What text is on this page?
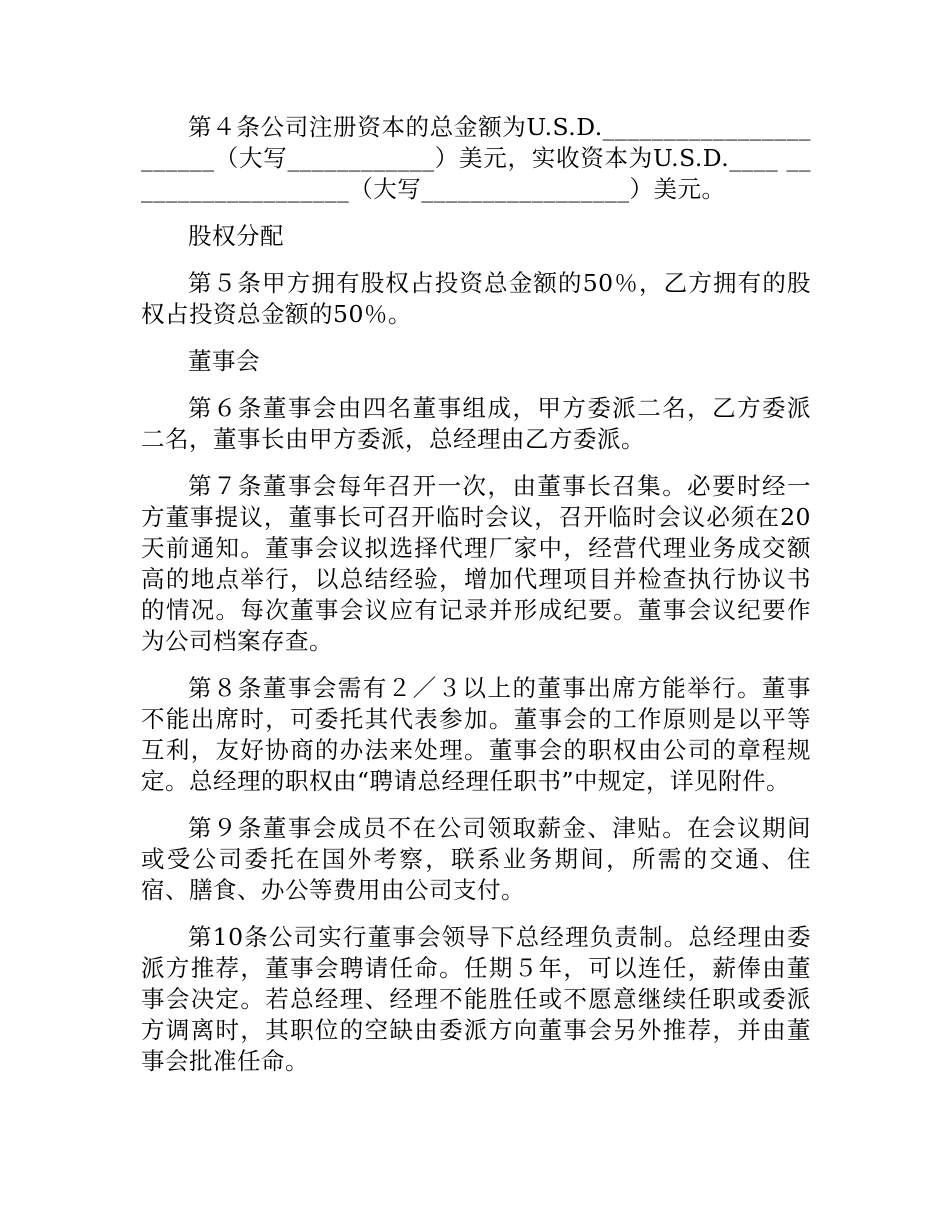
第４条公司注册资本的总金额为U.S.D._________________ ______（大写____________）美元，实收资本为U.S.D.____ ___________________（大写_________________）美元。

股权分配

第５条甲方拥有股权占投资总金额的50％，乙方拥有的股权占投资总金额的50％。

董事会

第６条董事会由四名董事组成，甲方委派二名，乙方委派二名，董事长由甲方委派，总经理由乙方委派。

第７条董事会每年召开一次，由董事长召集。必要时经一方董事提议，董事长可召开临时会议，召开临时会议必须在20天前通知。董事会议拟选择代理厂家中，经营代理业务成交额高的地点举行，以总结经验，增加代理项目并检查执行协议书的情况。每次董事会议应有记录并形成纪要。董事会议纪要作为公司档案存查。

第８条董事会需有２／３以上的董事出席方能举行。董事不能出席时，可委托其代表参加。董事会的工作原则是以平等互利，友好协商的办法来处理。董事会的职权由公司的章程规定。总经理的职权由“聘请总经理任职书”中规定，详见附件。

第９条董事会成员不在公司领取薪金、津贴。在会议期间或受公司委托在国外考察，联系业务期间，所需的交通、住宿、膳食、办公等费用由公司支付。

第10条公司实行董事会领导下总经理负责制。总经理由委派方推荐，董事会聘请任命。任期５年，可以连任，薪俸由董事会决定。若总经理、经理不能胜任或不愿意继续任职或委派方调离时，其职位的空缺由委派方向董事会另外推荐，并由董事会批准任命。
